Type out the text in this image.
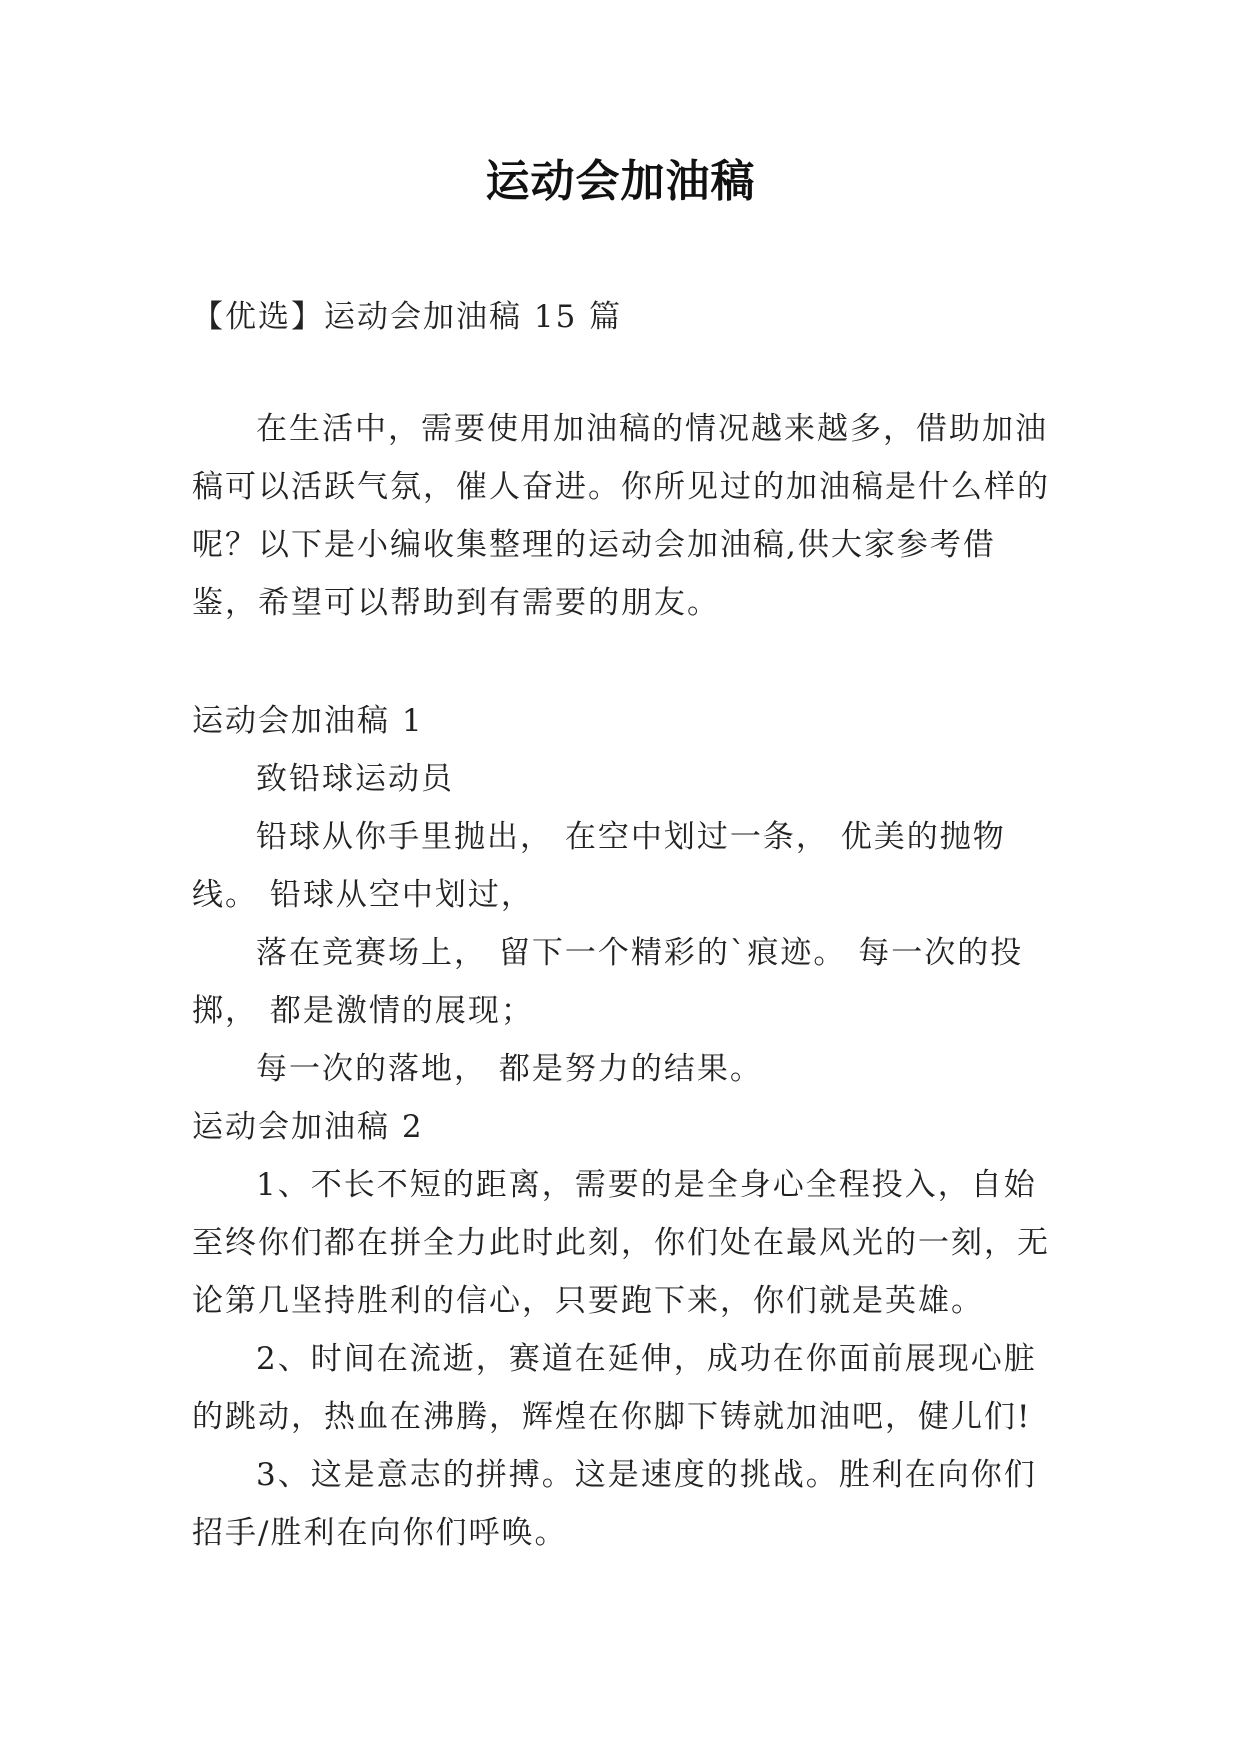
运动会加油稿

【优选】运动会加油稿 15 篇

在生活中，需要使用加油稿的情况越来越多，借助加油稿可以活跃气氛，催人奋进。你所见过的加油稿是什么样的呢？以下是小编收集整理的运动会加油稿,供大家参考借鉴，希望可以帮助到有需要的朋友。

运动会加油稿 1

致铅球运动员

铅球从你手里抛出， 在空中划过一条， 优美的抛物线。 铅球从空中划过，

落在竞赛场上， 留下一个精彩的`痕迹。 每一次的投掷， 都是激情的展现；

每一次的落地， 都是努力的结果。

运动会加油稿 2

1、不长不短的距离，需要的是全身心全程投入，自始至终你们都在拼全力此时此刻，你们处在最风光的一刻，无论第几坚持胜利的信心，只要跑下来，你们就是英雄。

2、时间在流逝，赛道在延伸，成功在你面前展现心脏的跳动，热血在沸腾，辉煌在你脚下铸就加油吧，健儿们!

3、这是意志的拼搏。这是速度的挑战。胜利在向你们招手/胜利在向你们呼唤。
